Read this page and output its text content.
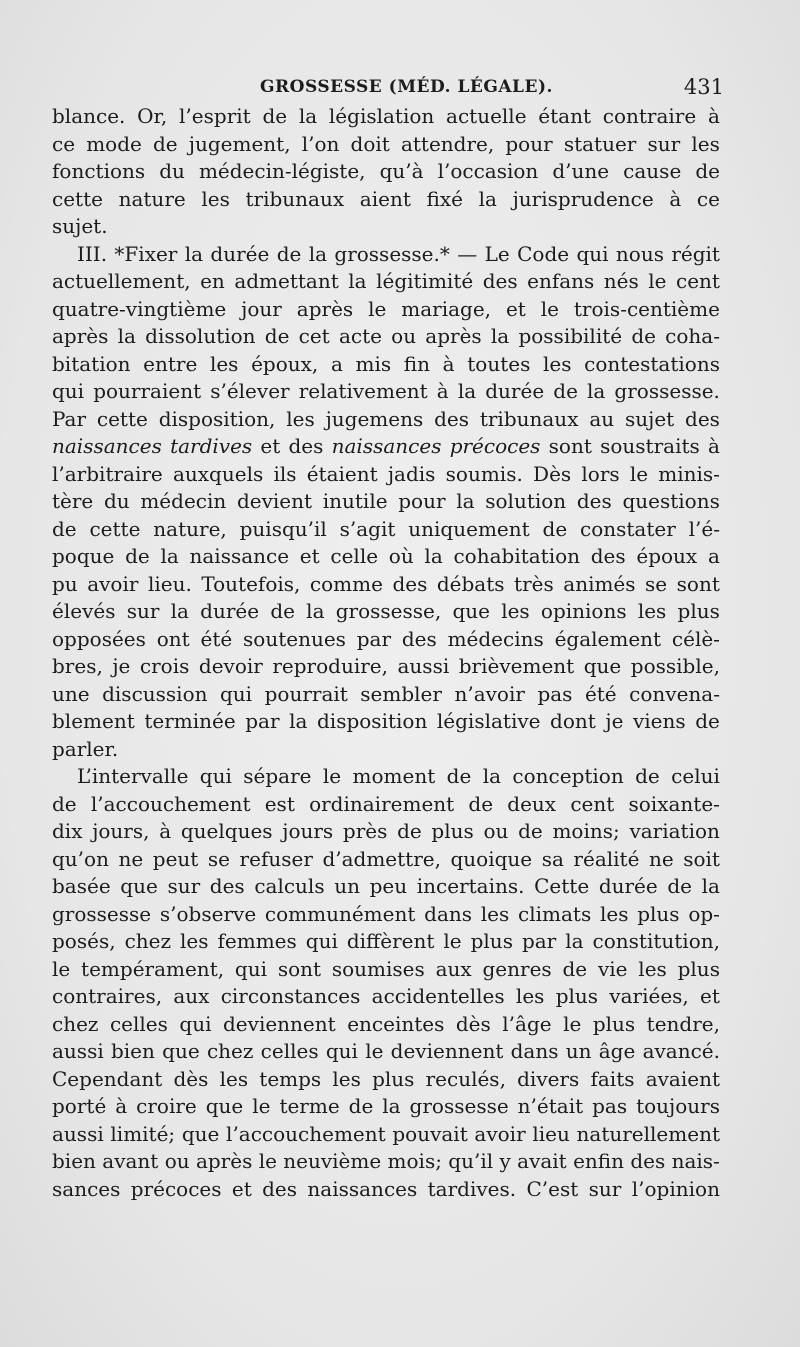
GROSSESSE (MÉD. LÉGALE).	431
blance. Or, l’esprit de la législation actuelle étant contraire à
ce mode de jugement, l’on doit attendre, pour statuer sur les
fonctions du médecin-légiste, qu’à l’occasion d’une cause de
cette nature les tribunaux aient fixé la jurisprudence à ce
sujet.
III. *Fixer la durée de la grossesse.* — Le Code qui nous régit
actuellement, en admettant la légitimité des enfans nés le cent
quatre-vingtième jour après le mariage, et le trois-centième
après la dissolution de cet acte ou après la possibilité de coha-
bitation entre les époux, a mis fin à toutes les contestations
qui pourraient s’élever relativement à la durée de la grossesse.
Par cette disposition, les jugemens des tribunaux au sujet des
naissances tardives et des naissances précoces sont soustraits à
l’arbitraire auxquels ils étaient jadis soumis. Dès lors le minis-
tère du médecin devient inutile pour la solution des questions
de cette nature, puisqu’il s’agit uniquement de constater l’é-
poque de la naissance et celle où la cohabitation des époux a
pu avoir lieu. Toutefois, comme des débats très animés se sont
élevés sur la durée de la grossesse, que les opinions les plus
opposées ont été soutenues par des médecins également célè-
bres, je crois devoir reproduire, aussi brièvement que possible,
une discussion qui pourrait sembler n’avoir pas été convena-
blement terminée par la disposition législative dont je viens de
parler.
L’intervalle qui sépare le moment de la conception de celui
de l’accouchement est ordinairement de deux cent soixante-
dix jours, à quelques jours près de plus ou de moins; variation
qu’on ne peut se refuser d’admettre, quoique sa réalité ne soit
basée que sur des calculs un peu incertains. Cette durée de la
grossesse s’observe communément dans les climats les plus op-
posés, chez les femmes qui diffèrent le plus par la constitution,
le tempérament, qui sont soumises aux genres de vie les plus
contraires, aux circonstances accidentelles les plus variées, et
chez celles qui deviennent enceintes dès l’âge le plus tendre,
aussi bien que chez celles qui le deviennent dans un âge avancé.
Cependant dès les temps les plus reculés, divers faits avaient
porté à croire que le terme de la grossesse n’était pas toujours
aussi limité; que l’accouchement pouvait avoir lieu naturellement
bien avant ou après le neuvième mois; qu’il y avait enfin des nais-
sances précoces et des naissances tardives. C’est sur l’opinion
